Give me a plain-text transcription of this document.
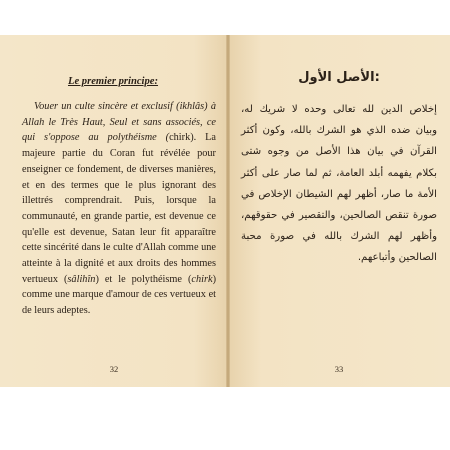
Le premier principe:

Vouer un culte sincère et exclusif (ikhlâs) à Allah le Très Haut, Seul et sans associés, ce qui s'oppose au polythéisme (chirk). La majeure partie du Coran fut révélée pour enseigner ce fondement, de diverses manières, et en des termes que le plus ignorant des illettrés comprendrait. Puis, lorsque la communauté, en grande partie, est devenue ce qu'elle est devenue, Satan leur fit apparaître cette sincérité dans le culte d'Allah comme une atteinte à la dignité et aux droits des hommes vertueux (sâlihîn) et le polythéisme (chirk) comme une marque d'amour de ces vertueux et de leurs adeptes.

32
الأصل الأول:

إخلاص الدين لله تعالى وحده لا شريك له، وبيان ضده الذي هو الشرك بالله، وكون أكثر القرآن في بيان هذا الأصل من وجوه شتى بكلام يفهمه أبلد العامة، ثم لما صار على أكثر الأمة ما صار، أظهر لهم الشيطان الإخلاص في صورة تنقص الصالحين، والتقصير في حقوقهم، وأظهر لهم الشرك بالله في صورة محبة الصالحين وأتباعهم.

33
